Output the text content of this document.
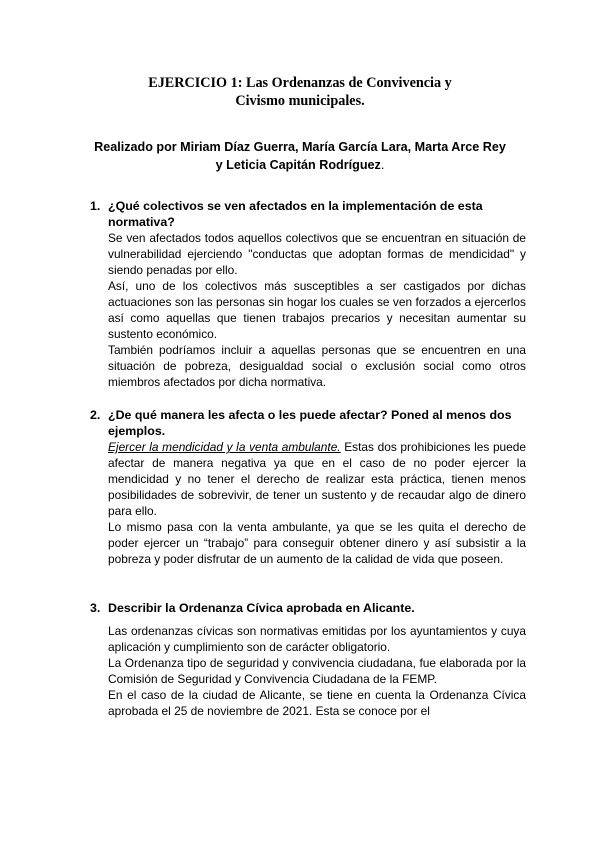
EJERCICIO 1: Las Ordenanzas de Convivencia y
Civismo municipales.
Realizado por Miriam Díaz Guerra, María García Lara, Marta Arce Rey
y Leticia Capitán Rodríguez.
1. ¿Qué colectivos se ven afectados en la implementación de esta normativa?

Se ven afectados todos aquellos colectivos que se encuentran en situación de vulnerabilidad ejerciendo "conductas que adoptan formas de mendicidad" y siendo penadas por ello.

Así, uno de los colectivos más susceptibles a ser castigados por dichas actuaciones son las personas sin hogar los cuales se ven forzados a ejercerlos así como aquellas que tienen trabajos precarios y necesitan aumentar su sustento económico.

También podríamos incluir a aquellas personas que se encuentren en una situación de pobreza, desigualdad social o exclusión social como otros miembros afectados por dicha normativa.

2. ¿De qué manera les afecta o les puede afectar? Poned al menos dos ejemplos.

Ejercer la mendicidad y la venta ambulante. Estas dos prohibiciones les puede afectar de manera negativa ya que en el caso de no poder ejercer la mendicidad y no tener el derecho de realizar esta práctica, tienen menos posibilidades de sobrevivir, de tener un sustento y de recaudar algo de dinero para ello.

Lo mismo pasa con la venta ambulante, ya que se les quita el derecho de poder ejercer un “trabajo” para conseguir obtener dinero y así subsistir a la pobreza y poder disfrutar de un aumento de la calidad de vida que poseen.

3. Describir la Ordenanza Cívica aprobada en Alicante.

Las ordenanzas cívicas son normativas emitidas por los ayuntamientos y cuya aplicación y cumplimiento son de carácter obligatorio.

La Ordenanza tipo de seguridad y convivencia ciudadana, fue elaborada por la Comisión de Seguridad y Convivencia Ciudadana de la FEMP.

En el caso de la ciudad de Alicante, se tiene en cuenta la Ordenanza Cívica aprobada el 25 de noviembre de 2021. Esta se conoce por el
